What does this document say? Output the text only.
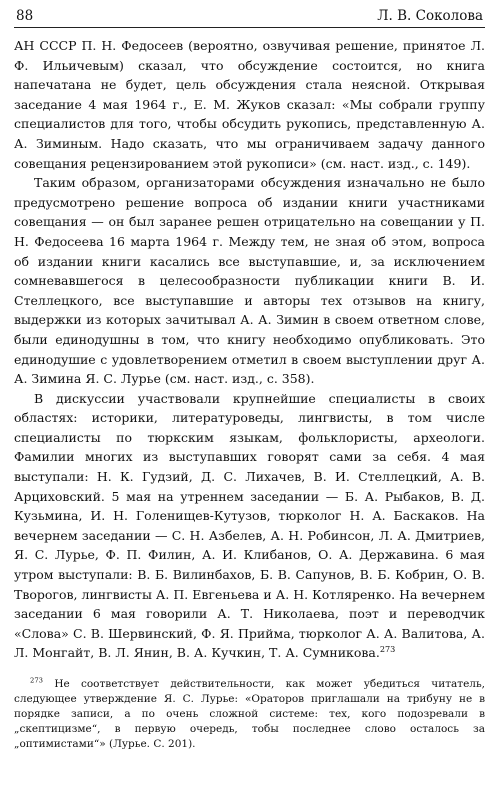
88	Л. В. Соколова

АН СССР П. Н. Федосеев (вероятно, озвучивая решение, принятое Л. Ф. Ильичевым) сказал, что обсуждение состоится, но книга напечатана не будет, цель обсуждения стала неясной. Открывая заседание 4 мая 1964 г., Е. М. Жуков сказал: «Мы собрали группу специалистов для того, чтобы обсудить рукопись, представленную А. А. Зиминым. Надо сказать, что мы ограничиваем задачу данного совещания рецензированием этой рукописи» (см. наст. изд., с. 149).

Таким образом, организаторами обсуждения изначально не было предусмотрено решение вопроса об издании книги участниками совещания — он был заранее решен отрицательно на совещании у П. Н. Федосеева 16 марта 1964 г. Между тем, не зная об этом, вопроса об издании книги касались все выступавшие, и, за исключением сомневавшегося в целесообразности публикации книги В. И. Стеллецкого, все выступавшие и авторы тех отзывов на книгу, выдержки из которых зачитывал А. А. Зимин в своем ответном слове, были единодушны в том, что книгу необходимо опубликовать. Это единодушие с удовлетворением отметил в своем выступлении друг А. А. Зимина Я. С. Лурье (см. наст. изд., с. 358).

В дискуссии участвовали крупнейшие специалисты в своих областях: историки, литературоведы, лингвисты, в том числе специалисты по тюркским языкам, фольклористы, археологи. Фамилии многих из выступавших говорят сами за себя. 4 мая выступали: Н. К. Гудзий, Д. С. Лихачев, В. И. Стеллецкий, А. В. Арциховский. 5 мая на утреннем заседании — Б. А. Рыбаков, В. Д. Кузьмина, И. Н. Голенищев-Кутузов, тюрколог Н. А. Баскаков. На вечернем заседании — С. Н. Азбелев, А. Н. Робинсон, Л. А. Дмитриев, Я. С. Лурье, Ф. П. Филин, А. И. Клибанов, О. А. Державина. 6 мая утром выступали: В. Б. Вилинбахов, Б. В. Сапунов, В. Б. Кобрин, О. В. Творогов, лингвисты А. П. Евгеньева и А. Н. Котляренко. На вечернем заседании 6 мая говорили А. Т. Николаева, поэт и переводчик «Слова» С. В. Шервинский, Ф. Я. Прийма, тюрколог А. А. Валитова, А. Л. Монгайт, В. Л. Янин, В. А. Кучкин, Т. А. Сумникова.$^{273}$

$^{273}$ Не соответствует действительности, как может убедиться читатель, следующее утверждение Я. С. Лурье: «Ораторов приглашали на трибуну не в порядке записи, а по очень сложной системе: тех, кого подозревали в „скептицизме“, в первую очередь, тобы последнее слово осталось за „оптимистами“» (Лурье. С. 201).
